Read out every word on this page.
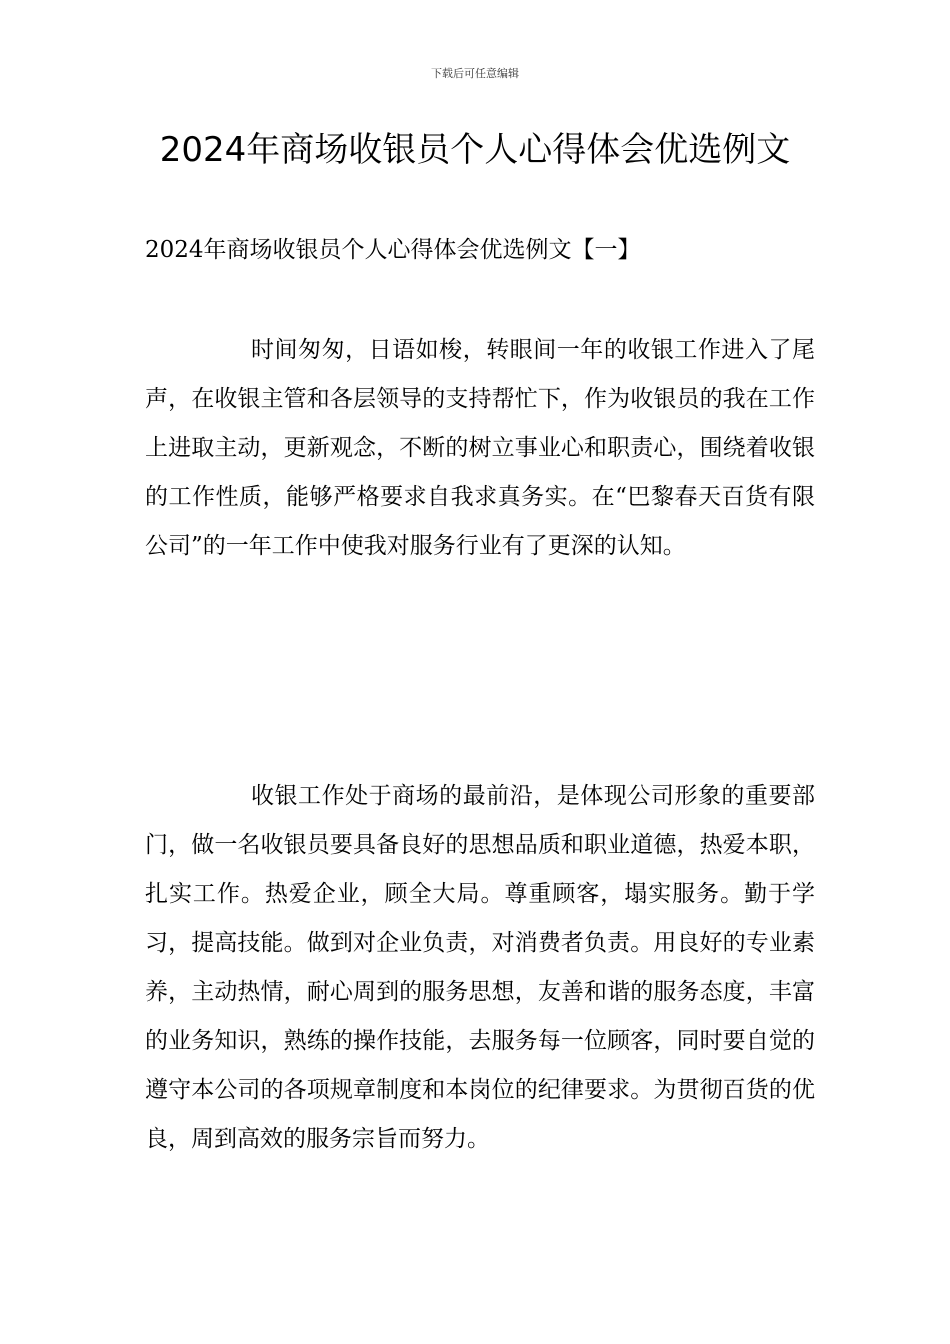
下载后可任意编辑
2024年商场收银员个人心得体会优选例文
2024年商场收银员个人心得体会优选例文【一】

时间匆匆，日语如梭，转眼间一年的收银工作进入了尾声，在收银主管和各层领导的支持帮忙下，作为收银员的我在工作上进取主动，更新观念，不断的树立事业心和职责心，围绕着收银的工作性质，能够严格要求自我求真务实。在“巴黎春天百货有限公司”的一年工作中使我对服务行业有了更深的认知。

收银工作处于商场的最前沿，是体现公司形象的重要部门，做一名收银员要具备良好的思想品质和职业道德，热爱本职，扎实工作。热爱企业，顾全大局。尊重顾客，塌实服务。勤于学习，提高技能。做到对企业负责，对消费者负责。用良好的专业素养，主动热情，耐心周到的服务思想，友善和谐的服务态度，丰富的业务知识，熟练的操作技能，去服务每一位顾客，同时要自觉的遵守本公司的各项规章制度和本岗位的纪律要求。为贯彻百货的优良，周到高效的服务宗旨而努力。
